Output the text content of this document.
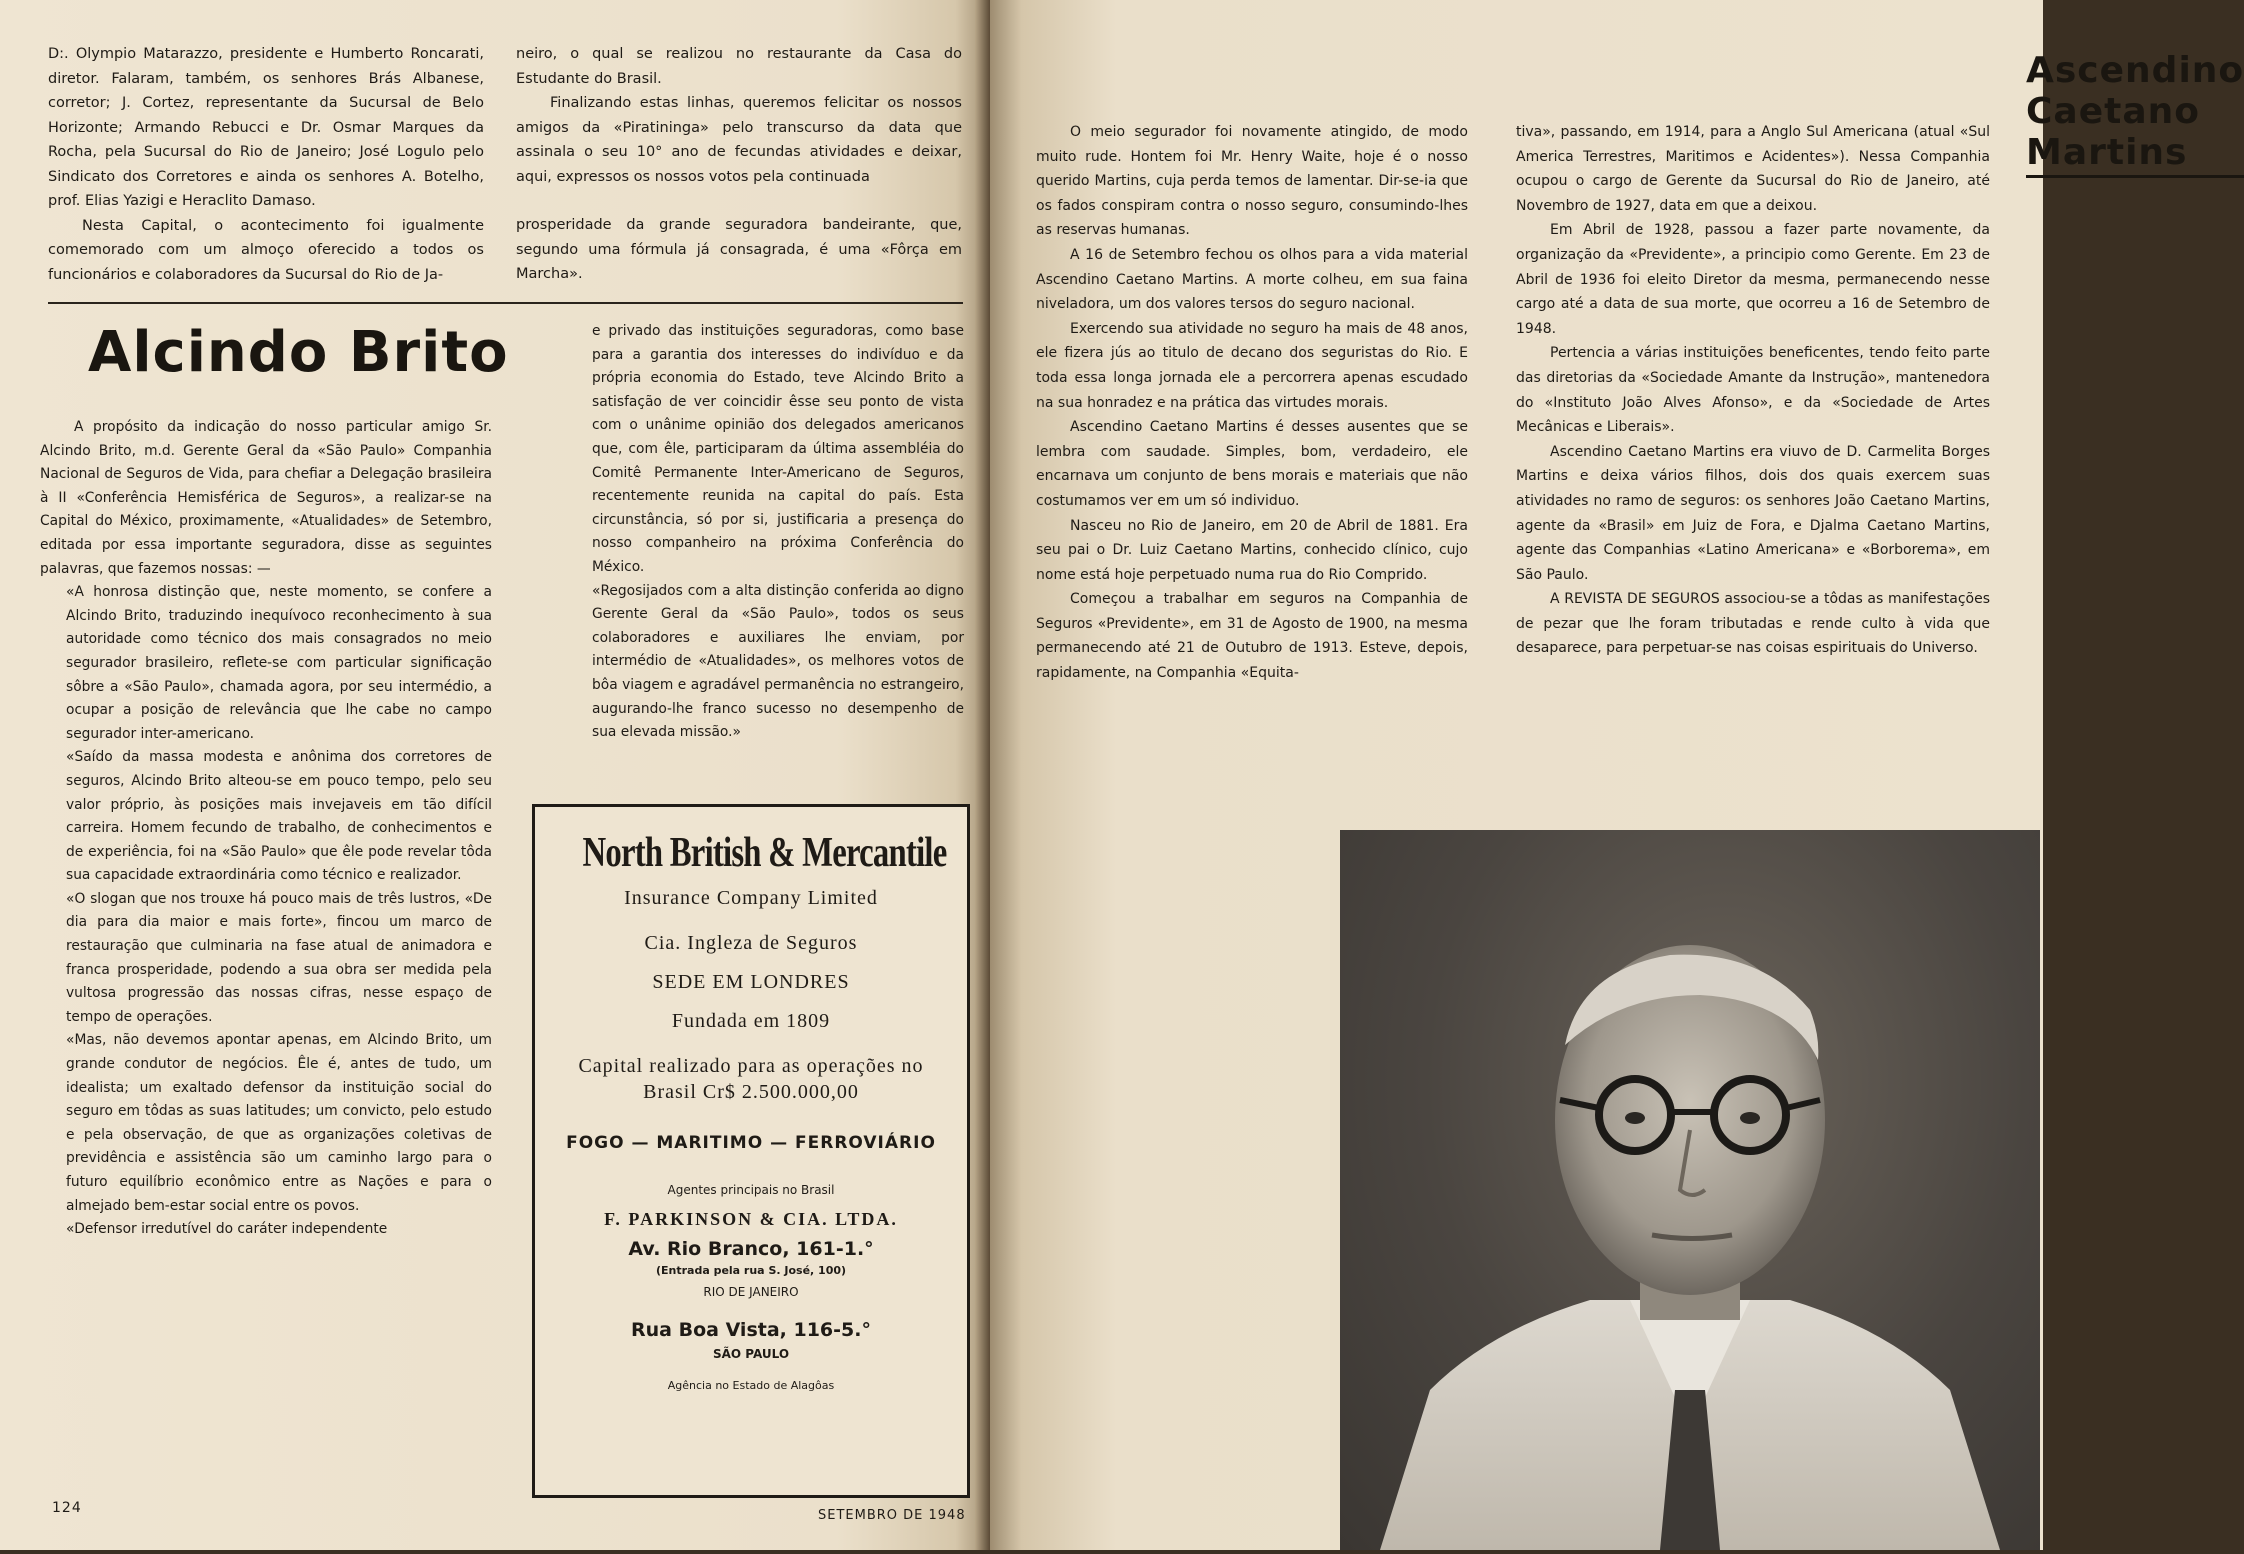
D:. Olympio Matarazzo, presidente e Humberto Roncarati, diretor. Falaram, também, os senhores Brás Albanese, corretor; J. Cortez, representante da Sucursal de Belo Horizonte; Armando Rebucci e Dr. Osmar Marques da Rocha, pela Sucursal do Rio de Janeiro; José Logulo pelo Sindicato dos Corretores e ainda os senhores A. Botelho, prof. Elias Yazigi e Heraclito Damaso.

Nesta Capital, o acontecimento foi igualmente comemorado com um almoço oferecido a todos os funcionários e colaboradores da Sucursal do Rio de Ja-

neiro, o qual se realizou no restaurante da Casa do Estudante do Brasil.

Finalizando estas linhas, queremos felicitar os nossos amigos da «Piratininga» pelo transcurso da data que assinala o seu 10° ano de fecundas atividades e deixar, aqui, expressos os nossos votos pela continuada

prosperidade da grande seguradora bandeirante, que, segundo uma fórmula já consagrada, é uma «Fôrça em Marcha».

Alcindo Brito

A propósito da indicação do nosso particular amigo Sr. Alcindo Brito, m.d. Gerente Geral da «São Paulo» Companhia Nacional de Seguros de Vida, para chefiar a Delegação brasileira à II «Conferência Hemisférica de Seguros», a realizar-se na Capital do México, proximamente, «Atualidades» de Setembro, editada por essa importante seguradora, disse as seguintes palavras, que fazemos nossas: —

«A honrosa distinção que, neste momento, se confere a Alcindo Brito, traduzindo inequívoco reconhecimento à sua autoridade como técnico dos mais consagrados no meio segurador brasileiro, reflete-se com particular significação sôbre a «São Paulo», chamada agora, por seu intermédio, a ocupar a posição de relevância que lhe cabe no campo segurador inter-americano.

«Saído da massa modesta e anônima dos corretores de seguros, Alcindo Brito alteou-se em pouco tempo, pelo seu valor próprio, às posições mais invejaveis em tão difícil carreira. Homem fecundo de trabalho, de conhecimentos e de experiência, foi na «São Paulo» que êle pode revelar tôda sua capacidade extraordinária como técnico e realizador.

«O slogan que nos trouxe há pouco mais de três lustros, «De dia para dia maior e mais forte», fincou um marco de restauração que culminaria na fase atual de animadora e franca prosperidade, podendo a sua obra ser medida pela vultosa progressão das nossas cifras, nesse espaço de tempo de operações.

«Mas, não devemos apontar apenas, em Alcindo Brito, um grande condutor de negócios. Êle é, antes de tudo, um idealista; um exaltado defensor da instituição social do seguro em tôdas as suas latitudes; um convicto, pelo estudo e pela observação, de que as organizações coletivas de previdência e assistência são um caminho largo para o futuro equilíbrio econômico entre as Nações e para o almejado bem-estar social entre os povos.

«Defensor irredutível do caráter independente

e privado das instituições seguradoras, como base para a garantia dos interesses do indivíduo e da própria economia do Estado, teve Alcindo Brito a satisfação de ver coincidir êsse seu ponto de vista com o unânime opinião dos delegados americanos que, com êle, participaram da última assembléia do Comitê Permanente Inter-Americano de Seguros, recentemente reunida na capital do país. Esta circunstância, só por si, justificaria a presença do nosso companheiro na próxima Conferência do México.

«Regosijados com a alta distinção conferida ao digno Gerente Geral da «São Paulo», todos os seus colaboradores e auxiliares lhe enviam, por intermédio de «Atualidades», os melhores votos de bôa viagem e agradável permanência no estrangeiro, augurando-lhe franco sucesso no desempenho de sua elevada missão.»

North British & Mercantile
Insurance Company Limited
Cia. Ingleza de Seguros
SEDE EM LONDRES
Fundada em 1809
Capital realizado para as operações no Brasil Cr$ 2.500.000,00
FOGO — MARITIMO — FERROVIÁRIO
Agentes principais no Brasil
F. PARKINSON & CIA. LTDA.
Av. Rio Branco, 161-1.°
(Entrada pela rua S. José, 100)
RIO DE JANEIRO
Rua Boa Vista, 116-5.°
SÃO PAULO
Agência no Estado de Alagôas
124	SETEMBRO DE 1948
Ascendino Caetano Martins

O meio segurador foi novamente atingido, de modo muito rude. Hontem foi Mr. Henry Waite, hoje é o nosso querido Martins, cuja perda temos de lamentar. Dir-se-ia que os fados conspiram contra o nosso seguro, consumindo-lhes as reservas humanas.

A 16 de Setembro fechou os olhos para a vida material Ascendino Caetano Martins. A morte colheu, em sua faina niveladora, um dos valores tersos do seguro nacional.

Exercendo sua atividade no seguro ha mais de 48 anos, ele fizera jús ao titulo de decano dos seguristas do Rio. E toda essa longa jornada ele a percorrera apenas escudado na sua honradez e na prática das virtudes morais.

Ascendino Caetano Martins é desses ausentes que se lembra com saudade. Simples, bom, verdadeiro, ele encarnava um conjunto de bens morais e materiais que não costumamos ver em um só individuo.

Nasceu no Rio de Janeiro, em 20 de Abril de 1881. Era seu pai o Dr. Luiz Caetano Martins, conhecido clínico, cujo nome está hoje perpetuado numa rua do Rio Comprido.

Começou a trabalhar em seguros na Companhia de Seguros «Previdente», em 31 de Agosto de 1900, na mesma permanecendo até 21 de Outubro de 1913. Esteve, depois, rapidamente, na Companhia «Equita-

tiva», passando, em 1914, para a Anglo Sul Americana (atual «Sul America Terrestres, Maritimos e Acidentes»). Nessa Companhia ocupou o cargo de Gerente da Sucursal do Rio de Janeiro, até Novembro de 1927, data em que a deixou.

Em Abril de 1928, passou a fazer parte novamente, da organização da «Previdente», a principio como Gerente. Em 23 de Abril de 1936 foi eleito Diretor da mesma, permanecendo nesse cargo até a data de sua morte, que ocorreu a 16 de Setembro de 1948.

Pertencia a várias instituições beneficentes, tendo feito parte das diretorias da «Sociedade Amante da Instrução», mantenedora do «Instituto João Alves Afonso», e da «Sociedade de Artes Mecânicas e Liberais».

Ascendino Caetano Martins era viuvo de D. Carmelita Borges Martins e deixa vários filhos, dois dos quais exercem suas atividades no ramo de seguros: os senhores João Caetano Martins, agente da «Brasil» em Juiz de Fora, e Djalma Caetano Martins, agente das Companhias «Latino Americana» e «Borborema», em São Paulo.

A REVISTA DE SEGUROS associou-se a tôdas as manifestações de pezar que lhe foram tributadas e rende culto à vida que desaparece, para perpetuar-se nas coisas espirituais do Universo.
